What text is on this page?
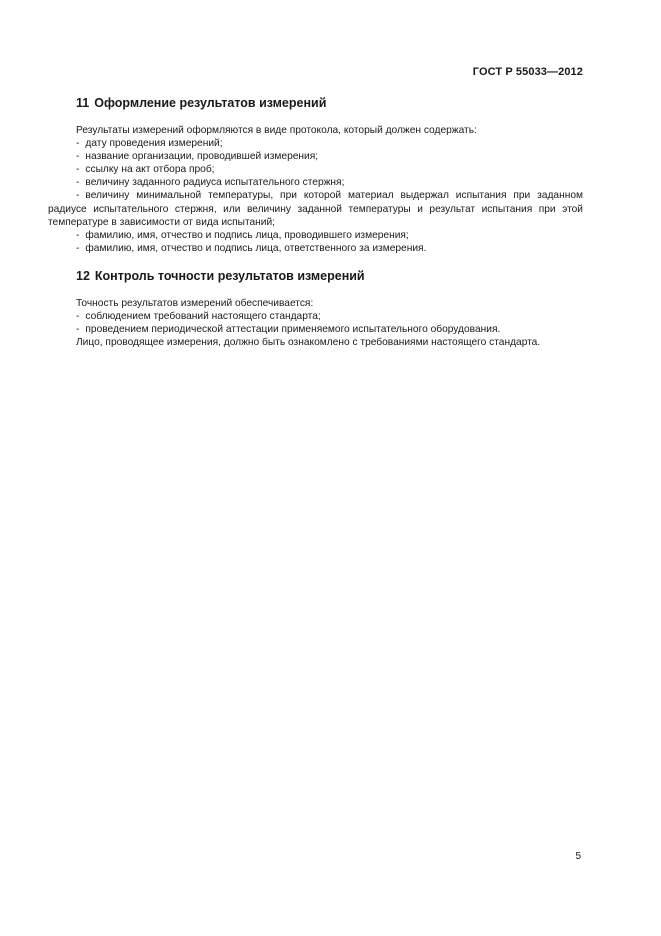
ГОСТ Р 55033—2012
11 Оформление результатов измерений

Результаты измерений оформляются в виде протокола, который должен содержать:

- дату проведения измерений;

- название организации, проводившей измерения;

- ссылку на акт отбора проб;

- величину заданного радиуса испытательного стержня;

- величину минимальной температуры, при которой материал выдержал испытания при заданном радиусе испытательного стержня, или величину заданной температуры и результат испытания при этой температуре в зависимости от вида испытаний;

- фамилию, имя, отчество и подпись лица, проводившего измерения;

- фамилию, имя, отчество и подпись лица, ответственного за измерения.

12 Контроль точности результатов измерений

Точность результатов измерений обеспечивается:

- соблюдением требований настоящего стандарта;

- проведением периодической аттестации применяемого испытательного оборудования.

Лицо, проводящее измерения, должно быть ознакомлено с требованиями настоящего стандарта.

5
